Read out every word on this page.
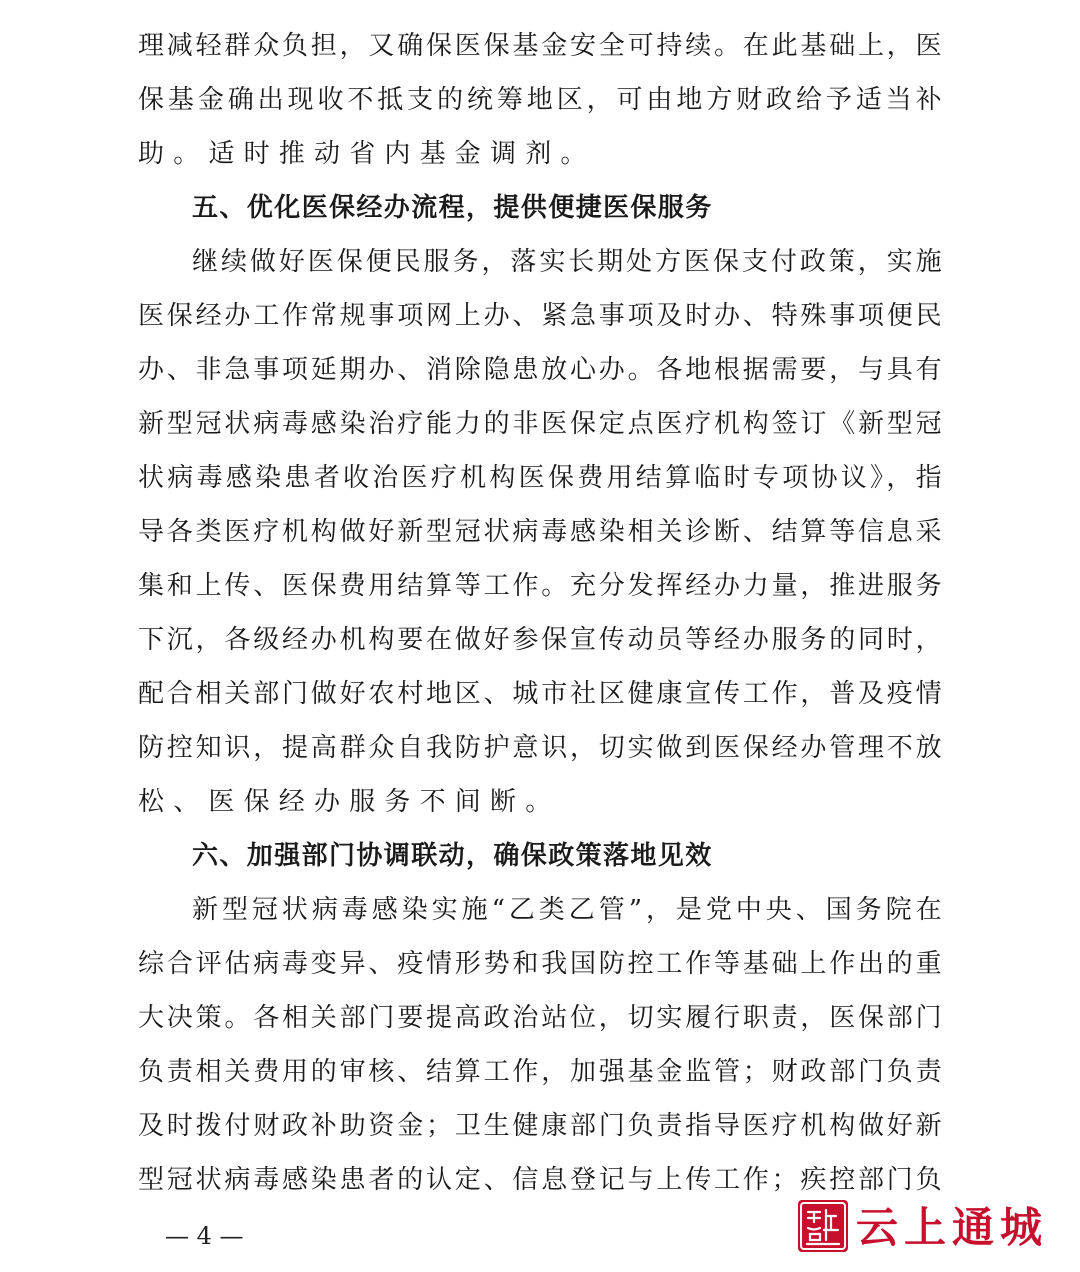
理减轻群众负担，又确保医保基金安全可持续。在此基础上，医
保基金确出现收不抵支的统筹地区，可由地方财政给予适当补
助。适时推动省内基金调剂。
五、优化医保经办流程，提供便捷医保服务
继续做好医保便民服务，落实长期处方医保支付政策，实施
医保经办工作常规事项网上办、紧急事项及时办、特殊事项便民
办、非急事项延期办、消除隐患放心办。各地根据需要，与具有
新型冠状病毒感染治疗能力的非医保定点医疗机构签订《新型冠
状病毒感染患者收治医疗机构医保费用结算临时专项协议》，指
导各类医疗机构做好新型冠状病毒感染相关诊断、结算等信息采
集和上传、医保费用结算等工作。充分发挥经办力量，推进服务
下沉，各级经办机构要在做好参保宣传动员等经办服务的同时，
配合相关部门做好农村地区、城市社区健康宣传工作，普及疫情
防控知识，提高群众自我防护意识，切实做到医保经办管理不放
松、医保经办服务不间断。
六、加强部门协调联动，确保政策落地见效
新型冠状病毒感染实施“乙类乙管”，是党中央、国务院在
综合评估病毒变异、疫情形势和我国防控工作等基础上作出的重
大决策。各相关部门要提高政治站位，切实履行职责，医保部门
负责相关费用的审核、结算工作，加强基金监管；财政部门负责
及时拨付财政补助资金；卫生健康部门负责指导医疗机构做好新
型冠状病毒感染患者的认定、信息登记与上传工作；疾控部门负
— 4 —	云上通城
